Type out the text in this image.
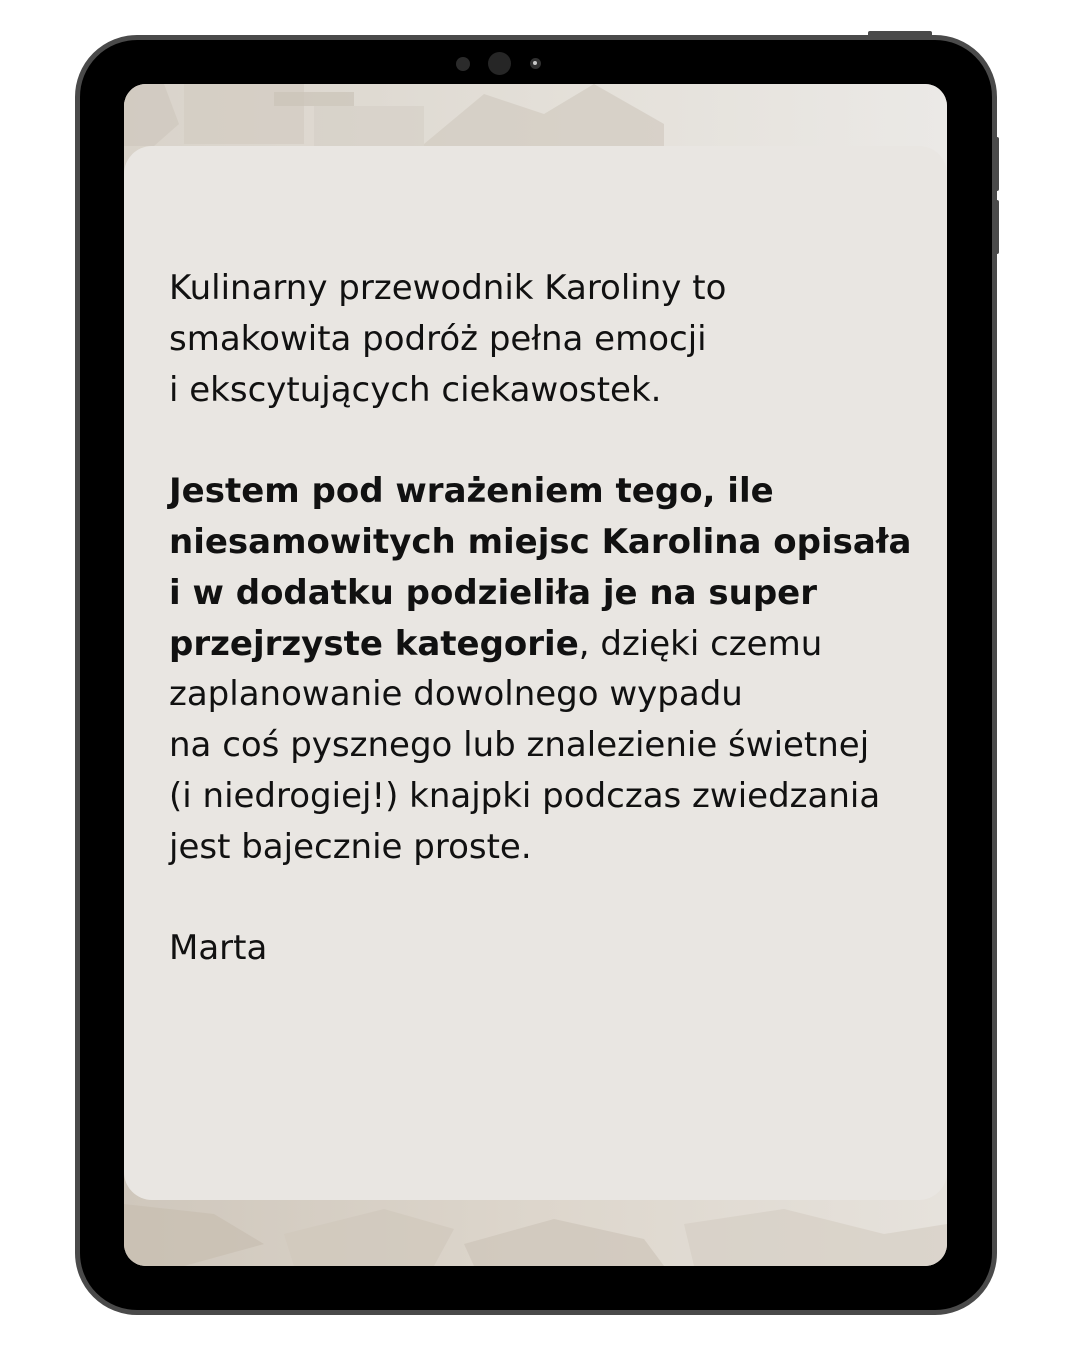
Kulinarny przewodnik Karoliny to
smakowita podróż pełna emocji
i ekscytujących ciekawostek.
Jestem pod wrażeniem tego, ile
niesamowitych miejsc Karolina opisała
i w dodatku podzieliła je na super
przejrzyste kategorie, dzięki czemu
zaplanowanie dowolnego wypadu
na coś pysznego lub znalezienie świetnej
(i niedrogiej!) knajpki podczas zwiedzania
jest bajecznie proste.
Marta
